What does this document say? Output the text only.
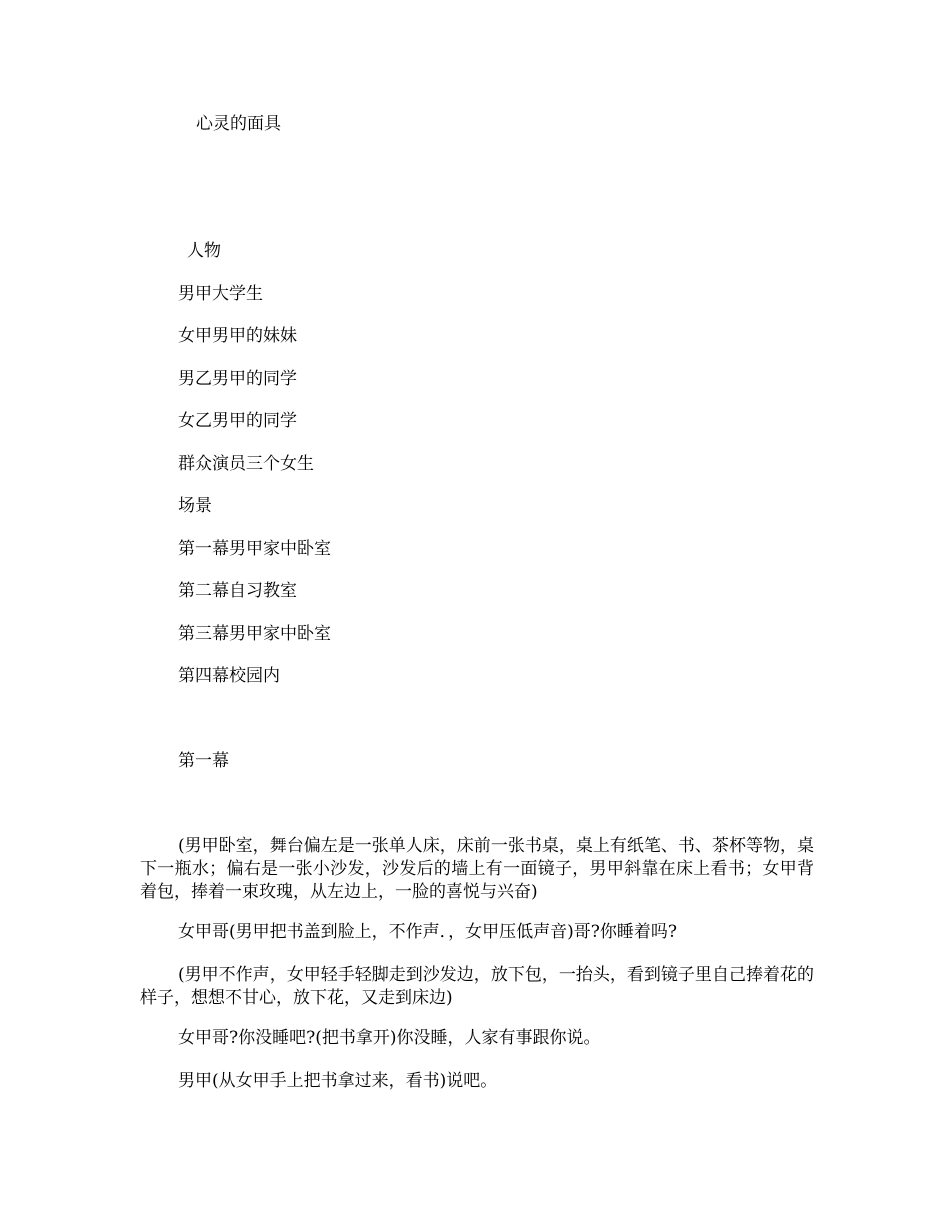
心灵的面具
人物
男甲大学生
女甲男甲的妹妹
男乙男甲的同学
女乙男甲的同学
群众演员三个女生
场景
第一幕男甲家中卧室
第二幕自习教室
第三幕男甲家中卧室
第四幕校园内
第一幕
(男甲卧室，舞台偏左是一张单人床，床前一张书桌，桌上有纸笔、书、茶杯等物，桌下一瓶水；偏右是一张小沙发，沙发后的墙上有一面镜子，男甲斜靠在床上看书；女甲背着包，捧着一束玫瑰，从左边上，一脸的喜悦与兴奋)
女甲哥(男甲把书盖到脸上，不作声．，女甲压低声音)哥?你睡着吗?
(男甲不作声，女甲轻手轻脚走到沙发边，放下包，一抬头，看到镜子里自己捧着花的样子，想想不甘心，放下花，又走到床边)
女甲哥?你没睡吧?(把书拿开)你没睡，人家有事跟你说。
男甲(从女甲手上把书拿过来，看书)说吧。
